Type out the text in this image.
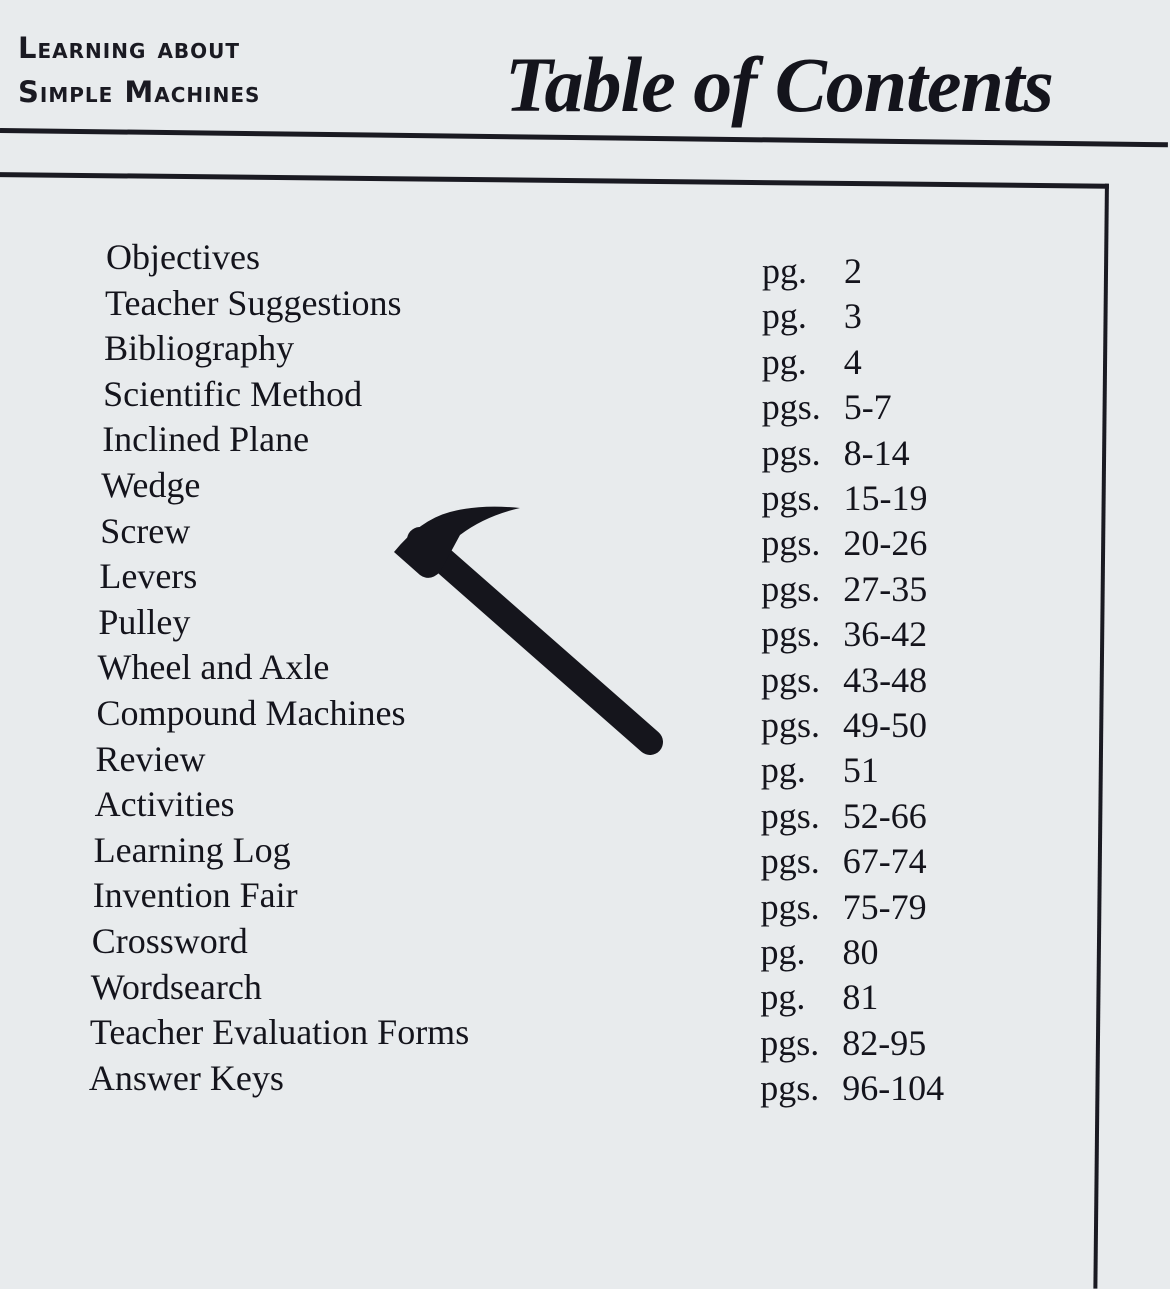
Learning about
Simple Machines	Table of Contents
Objectives	pg. 2
Teacher Suggestions	pg. 3
Bibliography	pg. 4
Scientific Method	pgs. 5-7
Inclined Plane	pgs. 8-14
Wedge	pgs. 15-19
Screw	pgs. 20-26
Levers	pgs. 27-35
Pulley	pgs. 36-42
Wheel and Axle	pgs. 43-48
Compound Machines	pgs. 49-50
Review	pg. 51
Activities	pgs. 52-66
Learning Log	pgs. 67-74
Invention Fair	pgs. 75-79
Crossword	pg. 80
Wordsearch	pg. 81
Teacher Evaluation Forms	pgs. 82-95
Answer Keys	pgs. 96-104
